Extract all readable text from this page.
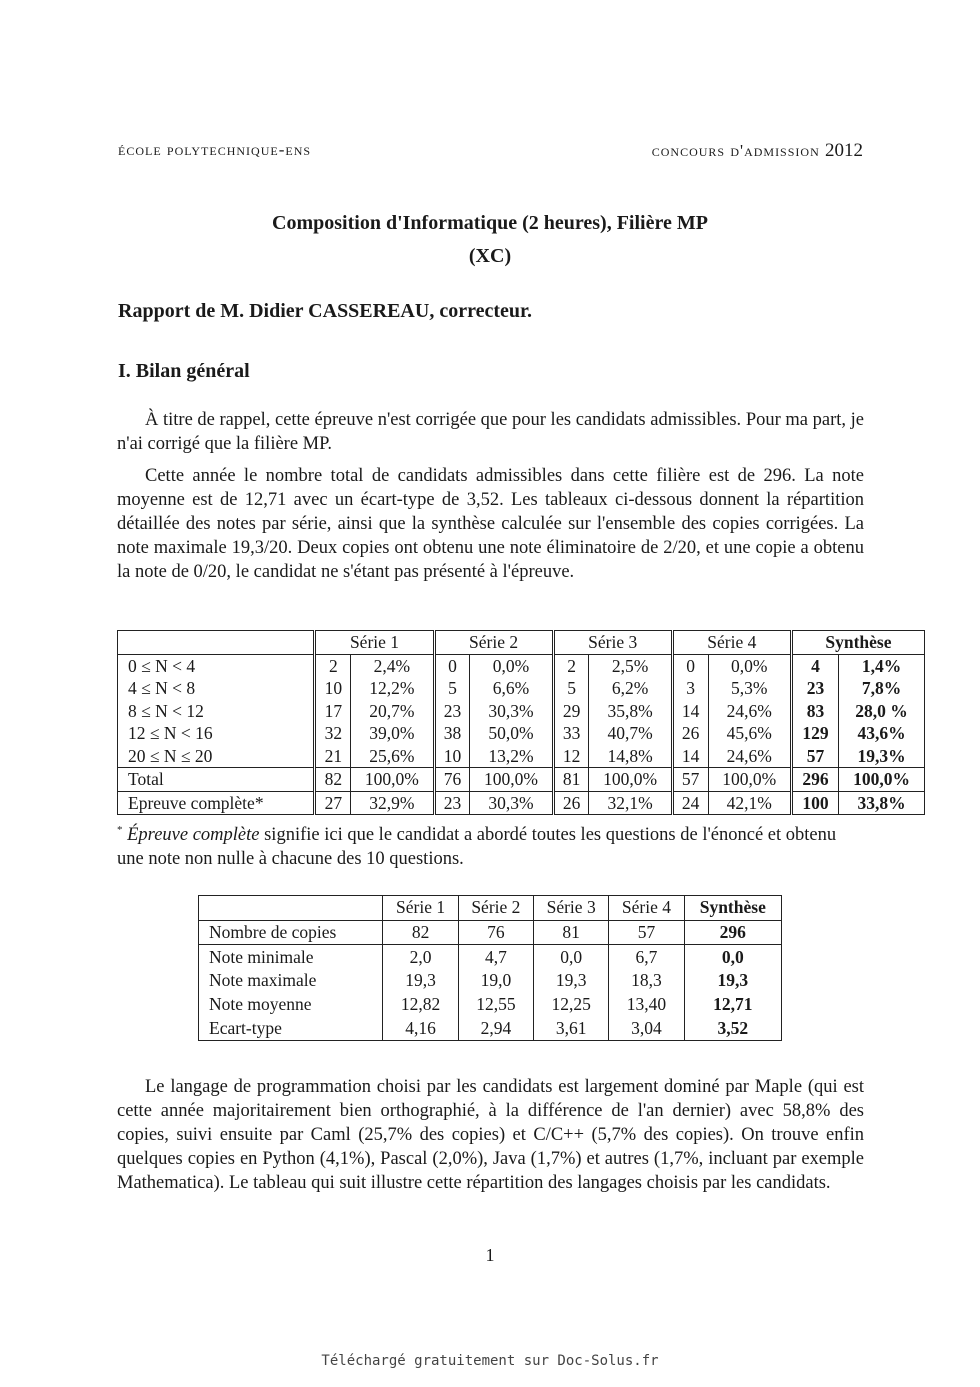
école polytechnique-ens	concours d'admission 2012
Composition d'Informatique (2 heures), Filière MP
(XC)
Rapport de M. Didier CASSEREAU, correcteur.
I. Bilan général
À titre de rappel, cette épreuve n'est corrigée que pour les candidats admissibles. Pour ma part, je n'ai corrigé que la filière MP.
Cette année le nombre total de candidats admissibles dans cette filière est de 296. La note moyenne est de 12,71 avec un écart-type de 3,52. Les tableaux ci-dessous donnent la répartition détaillée des notes par série, ainsi que la synthèse calculée sur l'ensemble des copies corrigées. La note maximale 19,3/20. Deux copies ont obtenu une note éliminatoire de 2/20, et une copie a obtenu la note de 0/20, le candidat ne s'étant pas présenté à l'épreuve.
	Série 1		Série 2		Série 3		Série 4		Synthèse	
0 ≤ N < 4	2	2,4%	0	0,0%	2	2,5%	0	0,0%	4	1,4%
4 ≤ N < 8	10	12,2%	5	6,6%	5	6,2%	3	5,3%	23	7,8%
8 ≤ N < 12	17	20,7%	23	30,3%	29	35,8%	14	24,6%	83	28,0 %
12 ≤ N < 16	32	39,0%	38	50,0%	33	40,7%	26	45,6%	129	43,6%
20 ≤ N ≤ 20	21	25,6%	10	13,2%	12	14,8%	14	24,6%	57	19,3%
Total	82	100,0%	76	100,0%	81	100,0%	57	100,0%	296	100,0%
Epreuve complète*	27	32,9%	23	30,3%	26	32,1%	24	42,1%	100	33,8%
* Épreuve complète signifie ici que le candidat a abordé toutes les questions de l'énoncé et obtenu une note non nulle à chacune des 10 questions.
	Série 1	Série 2	Série 3	Série 4	Synthèse
Nombre de copies	82	76	81	57	296
Note minimale	2,0	4,7	0,0	6,7	0,0
Note maximale	19,3	19,0	19,3	18,3	19,3
Note moyenne	12,82	12,55	12,25	13,40	12,71
Ecart-type	4,16	2,94	3,61	3,04	3,52
Le langage de programmation choisi par les candidats est largement dominé par Maple (qui est cette année majoritairement bien orthographié, à la différence de l'an dernier) avec 58,8% des copies, suivi ensuite par Caml (25,7% des copies) et C/C++ (5,7% des copies). On trouve enfin quelques copies en Python (4,1%), Pascal (2,0%), Java (1,7%) et autres (1,7%, incluant par exemple Mathematica). Le tableau qui suit illustre cette répartition des langages choisis par les candidats.
1
Téléchargé gratuitement sur Doc-Solus.fr
